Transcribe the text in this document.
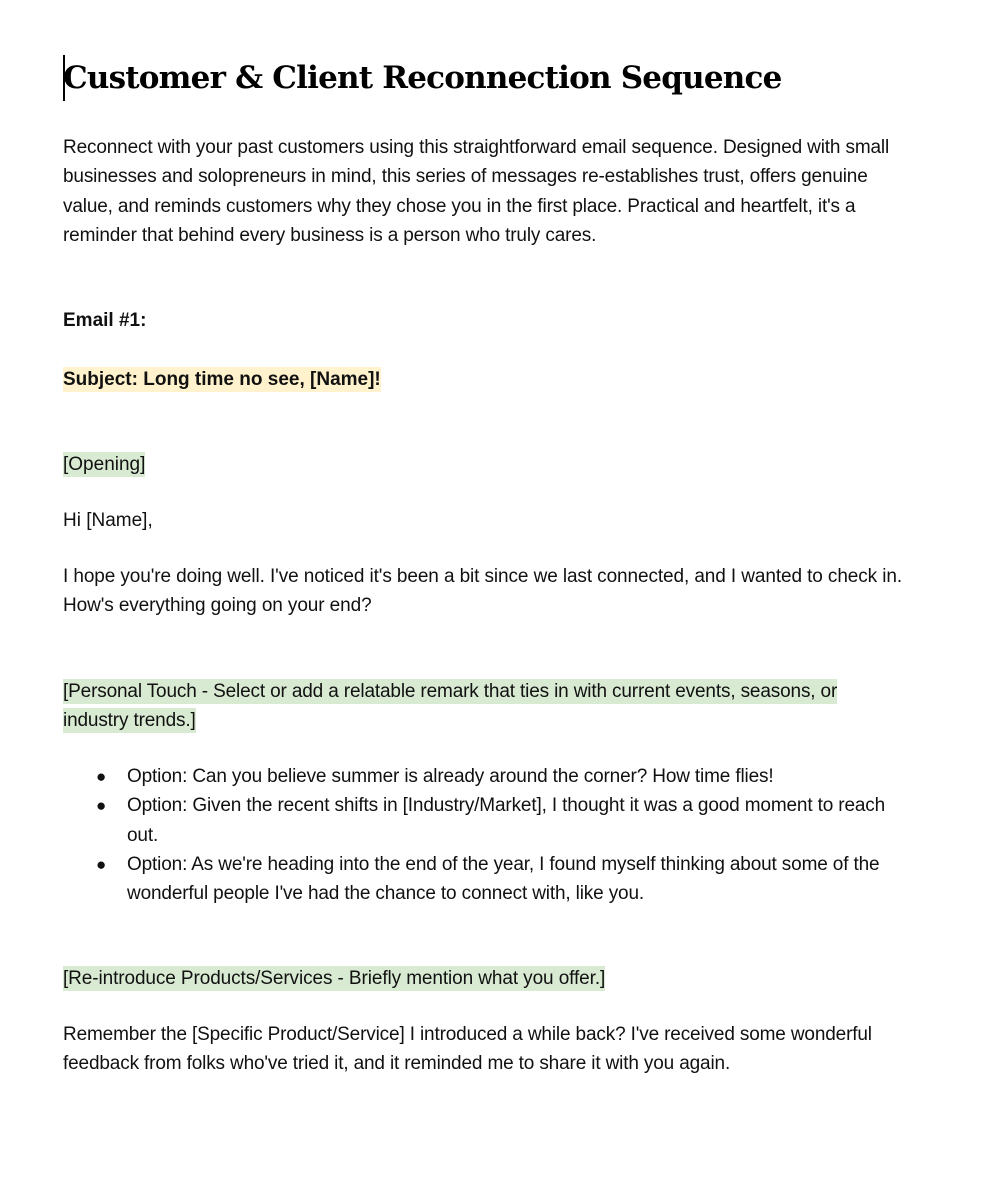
Customer & Client Reconnection Sequence

Reconnect with your past customers using this straightforward email sequence. Designed with small businesses and solopreneurs in mind, this series of messages re-establishes trust, offers genuine value, and reminds customers why they chose you in the first place. Practical and heartfelt, it's a reminder that behind every business is a person who truly cares.

Email #1:

Subject: Long time no see, [Name]!

[Opening]

Hi [Name],

I hope you're doing well. I've noticed it's been a bit since we last connected, and I wanted to check in. How's everything going on your end?

[Personal Touch - Select or add a relatable remark that ties in with current events, seasons, or industry trends.]

● Option: Can you believe summer is already around the corner? How time flies!
● Option: Given the recent shifts in [Industry/Market], I thought it was a good moment to reach out.
● Option: As we're heading into the end of the year, I found myself thinking about some of the wonderful people I've had the chance to connect with, like you.

[Re-introduce Products/Services - Briefly mention what you offer.]

Remember the [Specific Product/Service] I introduced a while back? I've received some wonderful feedback from folks who've tried it, and it reminded me to share it with you again.
